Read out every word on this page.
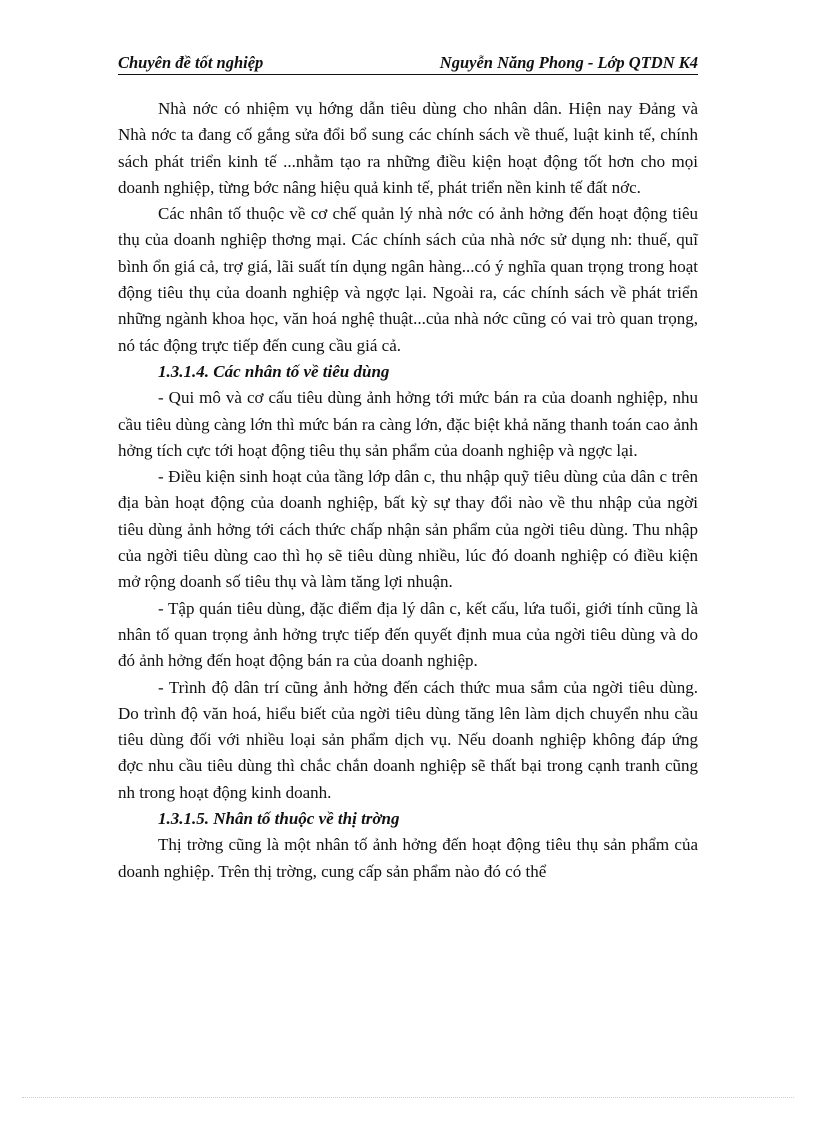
Chuyên đề tốt nghiệp	Nguyễn Năng Phong - Lớp QTDN K4

Nhà nớc có nhiệm vụ hớng dẫn tiêu dùng cho nhân dân. Hiện nay Đảng và Nhà nớc ta đang cố gắng sửa đổi bổ sung các chính sách về thuế, luật kinh tế, chính sách phát triển kinh tế ...nhằm tạo ra những điều kiện hoạt động tốt hơn cho mọi doanh nghiệp, từng bớc nâng hiệu quả kinh tế, phát triển nền kinh tế đất nớc.

Các nhân tố thuộc về cơ chế quản lý nhà nớc có ảnh hởng đến hoạt động tiêu thụ của doanh nghiệp thơng mại. Các chính sách của nhà nớc sử dụng nh: thuế, quĩ bình ổn giá cả, trợ giá, lãi suất tín dụng ngân hàng...có ý nghĩa quan trọng trong hoạt động tiêu thụ của doanh nghiệp và ngợc lại. Ngoài ra, các chính sách về phát triển những ngành khoa học, văn hoá nghệ thuật...của nhà nớc cũng có vai trò quan trọng, nó tác động trực tiếp đến cung cầu giá cả.

1.3.1.4. Các nhân tố về tiêu dùng

- Qui mô và cơ cấu tiêu dùng ảnh hởng tới mức bán ra của doanh nghiệp, nhu cầu tiêu dùng càng lớn thì mức bán ra càng lớn, đặc biệt khả năng thanh toán cao ảnh hởng tích cực tới hoạt động tiêu thụ sản phẩm của doanh nghiệp và ngợc lại.

- Điều kiện sinh hoạt của tầng lớp dân c, thu nhập quỹ tiêu dùng của dân c trên địa bàn hoạt động của doanh nghiệp, bất kỳ sự thay đổi nào về thu nhập của ngời tiêu dùng ảnh hởng tới cách thức chấp nhận sản phẩm của ngời tiêu dùng. Thu nhập của ngời tiêu dùng cao thì họ sẽ tiêu dùng nhiều, lúc đó doanh nghiệp có điều kiện mở rộng doanh số tiêu thụ và làm tăng lợi nhuận.

- Tập quán tiêu dùng, đặc điểm địa lý dân c, kết cấu, lứa tuổi, giới tính cũng là nhân tố quan trọng ảnh hởng trực tiếp đến quyết định mua của ngời tiêu dùng và do đó ảnh hởng đến hoạt động bán ra của doanh nghiệp.

- Trình độ dân trí cũng ảnh hởng đến cách thức mua sắm của ngời tiêu dùng. Do trình độ văn hoá, hiểu biết của ngời tiêu dùng tăng lên làm dịch chuyển nhu cầu tiêu dùng đối với nhiều loại sản phẩm dịch vụ. Nếu doanh nghiệp không đáp ứng đợc nhu cầu tiêu dùng thì chắc chắn doanh nghiệp sẽ thất bại trong cạnh tranh cũng nh trong hoạt động kinh doanh.

1.3.1.5. Nhân tố thuộc về thị trờng

Thị trờng cũng là một nhân tố ảnh hởng đến hoạt động tiêu thụ sản phẩm của doanh nghiệp. Trên thị trờng, cung cấp sản phẩm nào đó có thể
